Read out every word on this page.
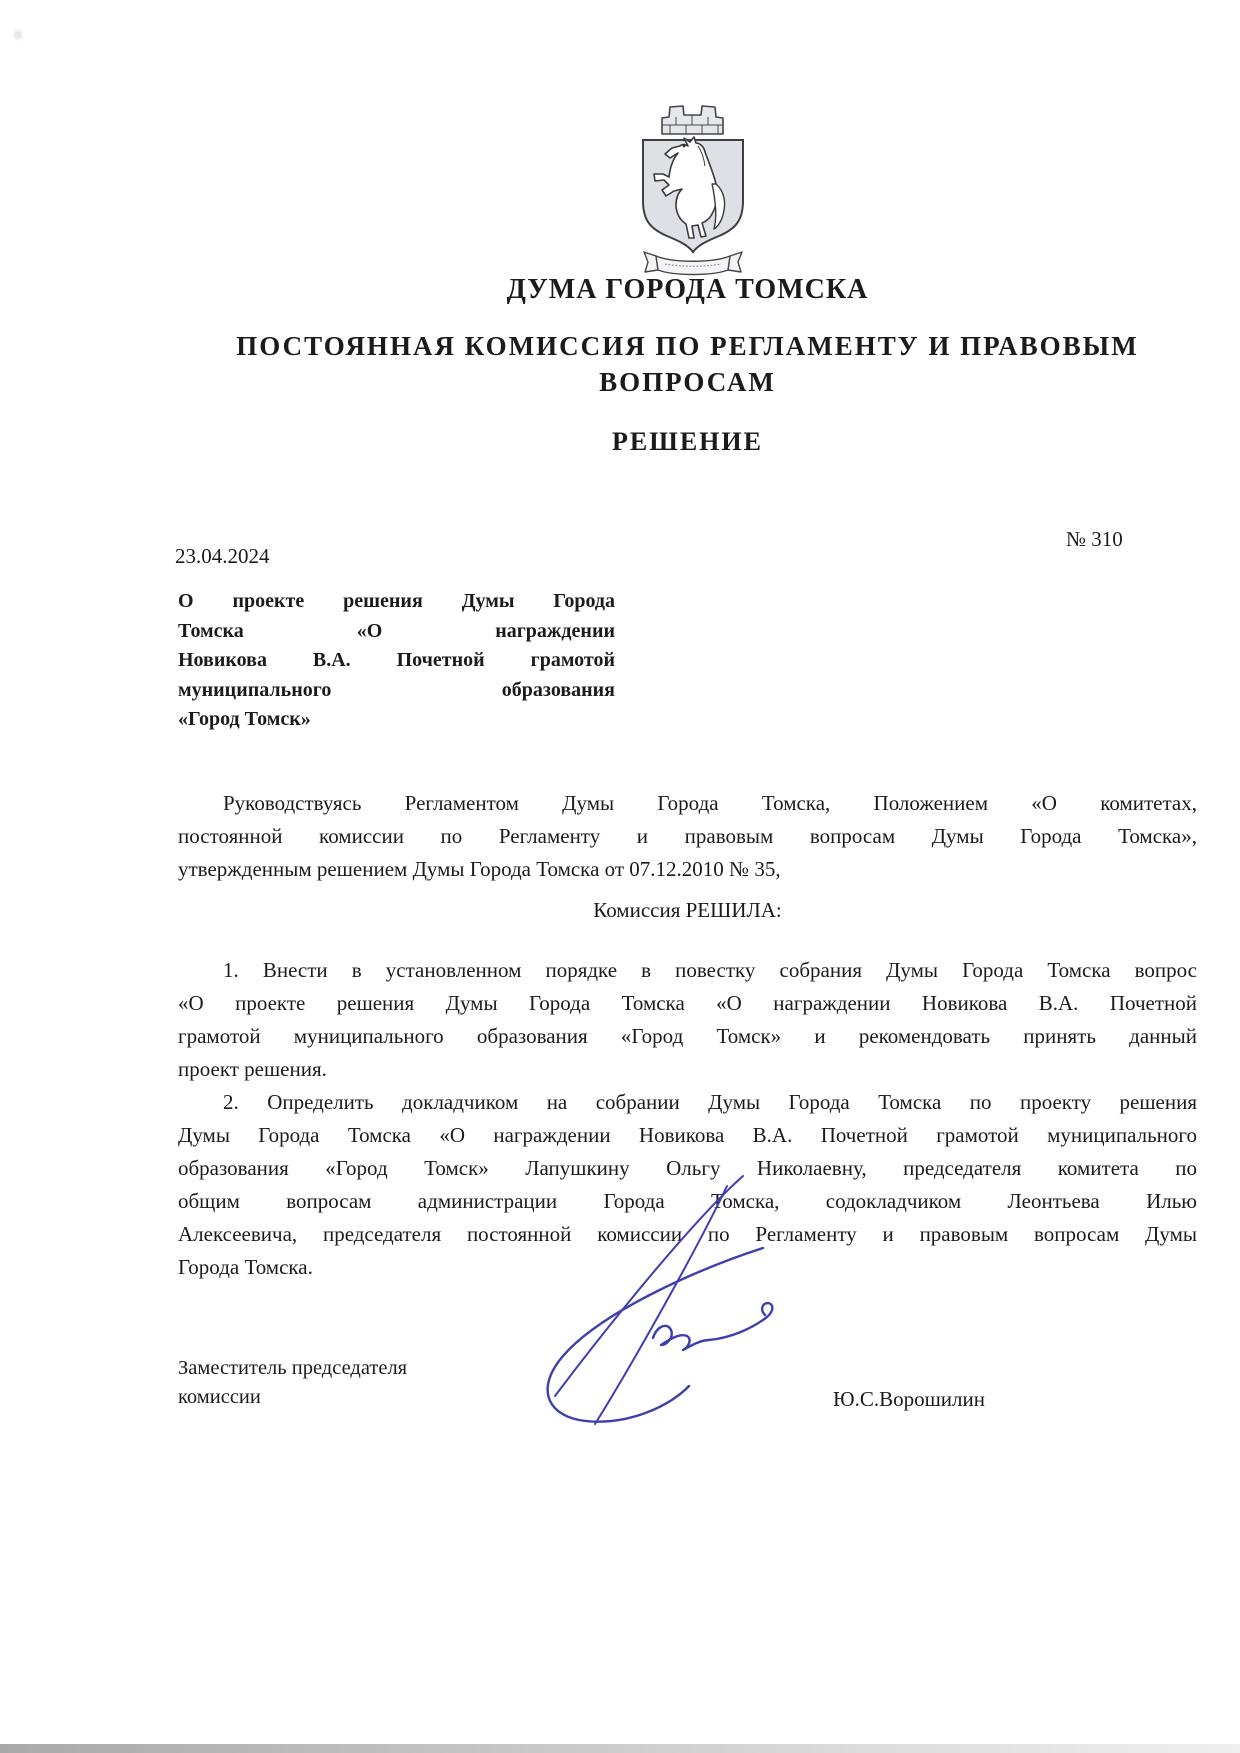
ДУМА ГОРОДА ТОМСКА
ПОСТОЯННАЯ КОМИССИЯ ПО РЕГЛАМЕНТУ И ПРАВОВЫМ
ВОПРОСАМ
РЕШЕНИЕ
№ 310
23.04.2024
О проекте решения Думы Города
Томска «О награждении
Новикова В.А. Почетной грамотой
муниципального образования
«Город Томск»
Руководствуясь Регламентом Думы Города Томска, Положением «О комитетах,
постоянной комиссии по Регламенту и правовым вопросам Думы Города Томска»,
утвержденным решением Думы Города Томска от 07.12.2010 № 35,
Комиссия РЕШИЛА:
1. Внести в установленном порядке в повестку собрания Думы Города Томска вопрос
«О проекте решения Думы Города Томска «О награждении Новикова В.А. Почетной
грамотой муниципального образования «Город Томск» и рекомендовать принять данный
проект решения.
2. Определить докладчиком на собрании Думы Города Томска по проекту решения
Думы Города Томска «О награждении Новикова В.А. Почетной грамотой муниципального
образования «Город Томск» Лапушкину Ольгу Николаевну, председателя комитета по
общим вопросам администрации Города Томска, содокладчиком Леонтьева Илью
Алексеевича, председателя постоянной комиссии по Регламенту и правовым вопросам Думы
Города Томска.
Заместитель председателя
комиссии	Ю.С.Ворошилин
